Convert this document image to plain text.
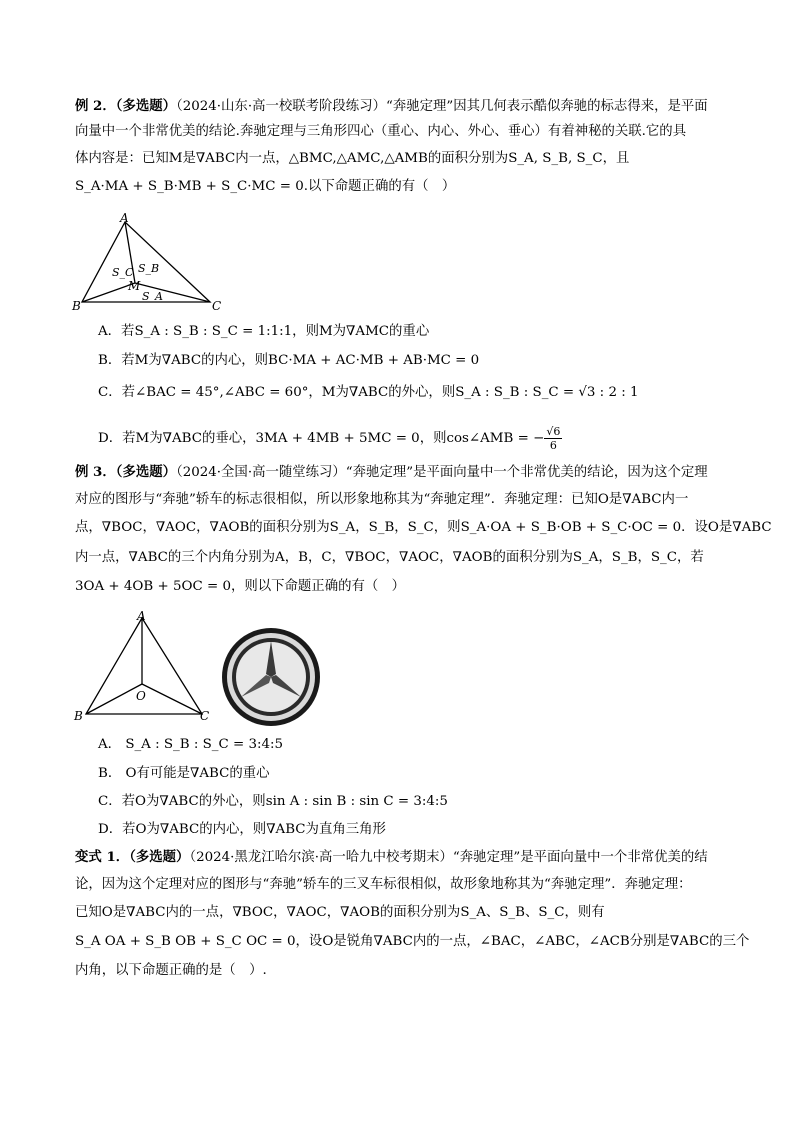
例 2．（多选题）（2024·山东·高一校联考阶段练习）“奔驰定理”因其几何表示酷似奔驰的标志得来，是平面
向量中一个非常优美的结论.奔驰定理与三角形四心（重心、内心、外心、垂心）有着神秘的关联.它的具
体内容是：已知M是∇ABC内一点，△BMC,△AMC,△AMB的面积分别为S_A, S_B, S_C，且
S_A·MA + S_B·MB + S_C·MC = 0.以下命题正确的有（　）
A
B	C
M
S_A
S_B
S_C
A．若S_A : S_B : S_C = 1:1:1，则M为∇AMC的重心
B．若M为∇ABC的内心，则BC·MA + AC·MB + AB·MC = 0
C．若∠BAC = 45°,∠ABC = 60°，M为∇ABC的外心，则S_A : S_B : S_C = √3 : 2 : 1
D．若M为∇ABC的垂心，3MA + 4MB + 5MC = 0，则cos∠AMB = − $\frac{√6}{6}$
例 3．（多选题）（2024·全国·高一随堂练习）“奔驰定理”是平面向量中一个非常优美的结论，因为这个定理
对应的图形与“奔驰”轿车的标志很相似，所以形象地称其为“奔驰定理”．奔驰定理：已知O是∇ABC内一
点，∇BOC，∇AOC，∇AOB的面积分别为S_A，S_B，S_C，则S_A·OA + S_B·OB + S_C·OC = 0．设O是∇ABC
内一点，∇ABC的三个内角分别为A，B，C，∇BOC，∇AOC，∇AOB的面积分别为S_A，S_B，S_C，若
3OA + 4OB + 5OC = 0，则以下命题正确的有（　）
A
B	C
O
A． S_A : S_B : S_C = 3:4:5
B． O有可能是∇ABC的重心
C．若O为∇ABC的外心，则sin A : sin B : sin C = 3:4:5
D．若O为∇ABC的内心，则∇ABC为直角三角形
变式 1．（多选题）（2024·黑龙江哈尔滨·高一哈九中校考期末）“奔驰定理”是平面向量中一个非常优美的结
论，因为这个定理对应的图形与“奔驰”轿车的三叉车标很相似，故形象地称其为“奔驰定理”．奔驰定理：
已知O是∇ABC内的一点，∇BOC，∇AOC，∇AOB的面积分别为S_A、S_B、S_C，则有
S_A OA + S_B OB + S_C OC = 0，设O是锐角∇ABC内的一点，∠BAC，∠ABC，∠ACB分别是∇ABC的三个
内角，以下命题正确的是（　）.
